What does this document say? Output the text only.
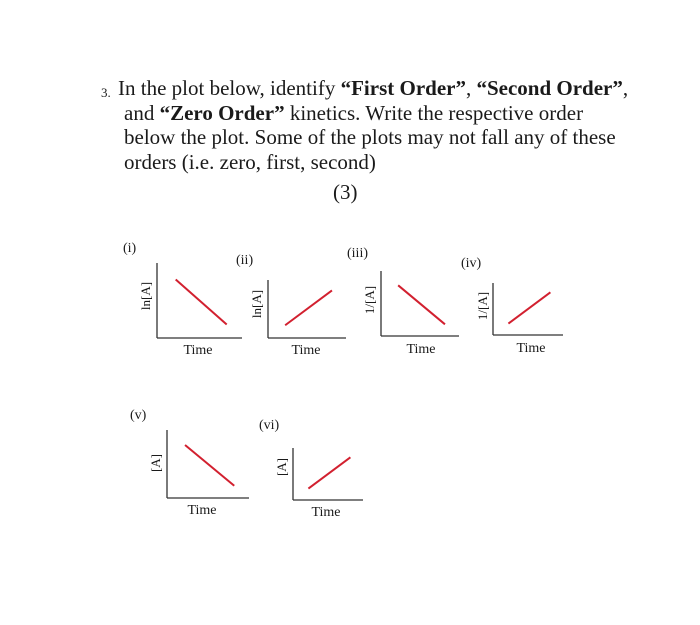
3. In the plot below, identify “First Order”, “Second Order”,
and “Zero Order” kinetics. Write the respective order
below the plot. Some of the plots may not fall any of these
orders (i.e. zero, first, second)
(3)
(i)
ln[A]
Time
(ii)
ln[A]
Time
(iii)
1/[A]
Time
(iv)
1/[A]
Time
(v)
[A]
Time
(vi)
[A]
Time
